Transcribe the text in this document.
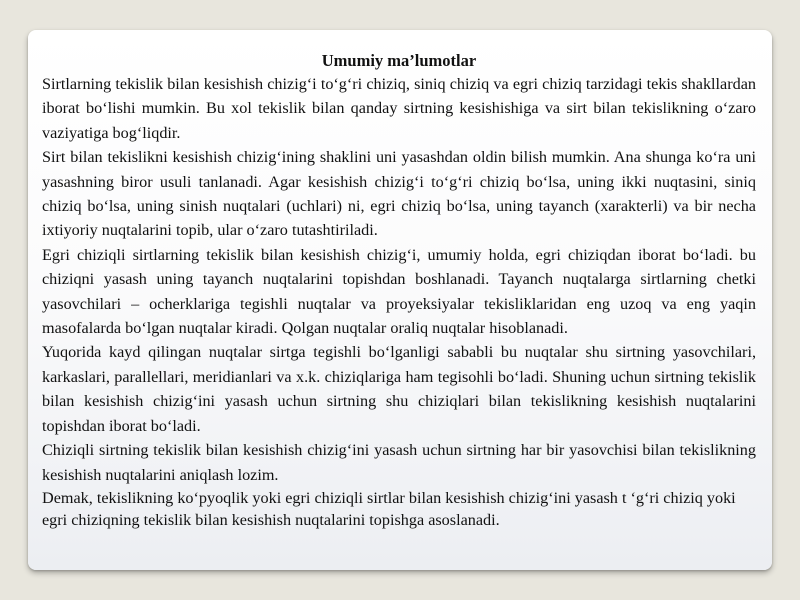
Umumiy ma’lumotlar

Sirtlarning tekislik bilan kesishish chizig‘i to‘g‘ri chiziq, siniq chiziq va egri chiziq tarzidagi tekis shakllardan iborat bo‘lishi mumkin. Bu xol tekislik bilan qanday sirtning kesishishiga va sirt bilan tekislikning o‘zaro vaziyatiga bog‘liqdir.

Sirt bilan tekislikni kesishish chizig‘ining shaklini uni yasashdan oldin bilish mumkin. Ana shunga ko‘ra uni yasashning biror usuli tanlanadi. Agar kesishish chizig‘i to‘g‘ri chiziq bo‘lsa, uning ikki nuqtasini, siniq chiziq bo‘lsa, uning sinish nuqtalari (uchlari) ni, egri chiziq bo‘lsa, uning tayanch (xarakterli) va bir necha ixtiyoriy nuqtalarini topib, ular o‘zaro tutashtiriladi.

Egri chiziqli sirtlarning tekislik bilan kesishish chizig‘i, umumiy holda, egri chiziqdan iborat bo‘ladi. bu chiziqni yasash uning tayanch nuqtalarini topishdan boshlanadi. Tayanch nuqtalarga sirtlarning chetki yasovchilari – ocherklariga tegishli nuqtalar va proyeksiyalar tekisliklaridan eng uzoq va eng yaqin masofalarda bo‘lgan nuqtalar kiradi. Qolgan nuqtalar oraliq nuqtalar hisoblanadi.

Yuqorida kayd qilingan nuqtalar sirtga tegishli bo‘lganligi sababli bu nuqtalar shu sirtning yasovchilari, karkaslari, parallellari, meridianlari va x.k. chiziqlariga ham tegisohli bo‘ladi. Shuning uchun sirtning tekislik bilan kesishish chizig‘ini yasash uchun sirtning shu chiziqlari bilan tekislikning kesishish nuqtalarini topishdan iborat bo‘ladi.

Chiziqli sirtning tekislik bilan kesishish chizig‘ini yasash uchun sirtning har bir yasovchisi bilan tekislikning kesishish nuqtalarini aniqlash lozim.

Demak, tekislikning ko‘pyoqlik yoki egri chiziqli sirtlar bilan kesishish chizig‘ini yasash t ‘g‘ri chiziq yoki egri chiziqning tekislik bilan kesishish nuqtalarini topishga asoslanadi.
